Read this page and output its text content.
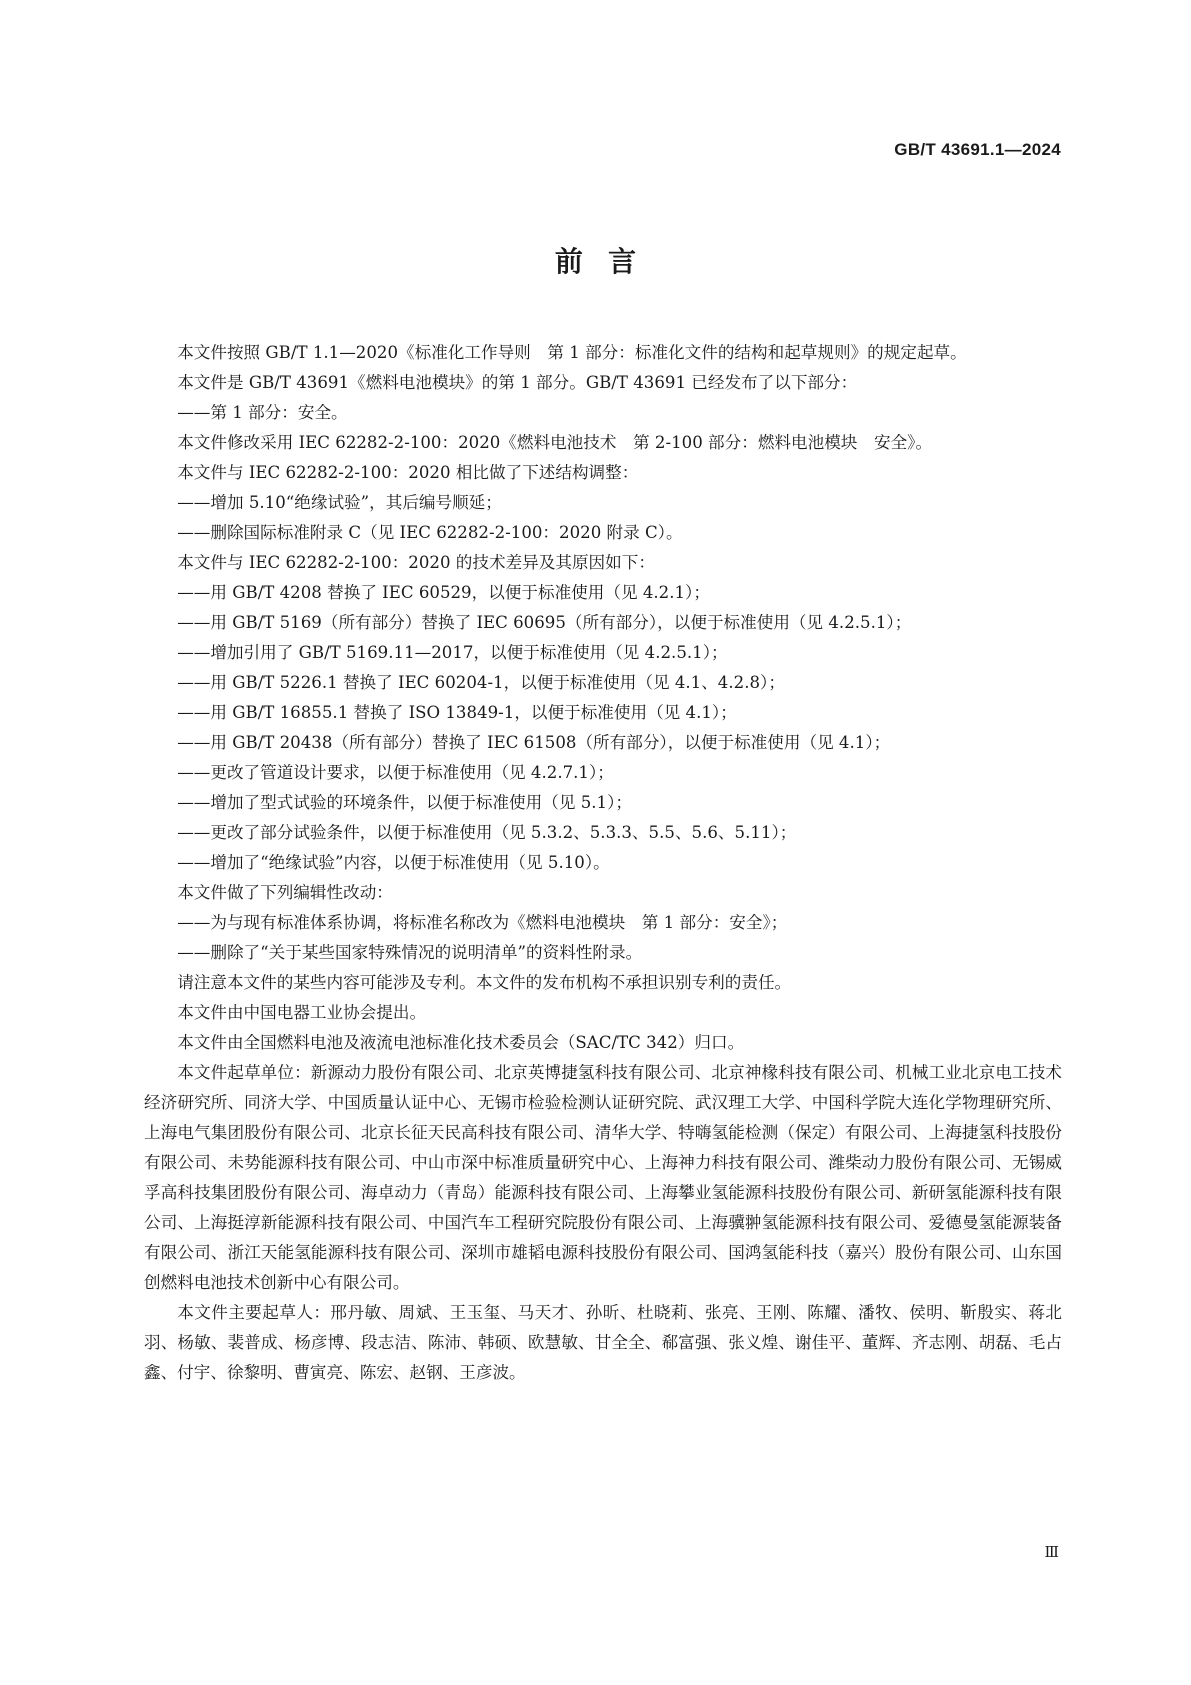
GB/T 43691.1—2024
前言

本文件按照 GB/T 1.1—2020《标准化工作导则　第 1 部分：标准化文件的结构和起草规则》的规定起草。

本文件是 GB/T 43691《燃料电池模块》的第 1 部分。GB/T 43691 已经发布了以下部分：

——第 1 部分：安全。

本文件修改采用 IEC 62282-2-100：2020《燃料电池技术　第 2-100 部分：燃料电池模块　安全》。

本文件与 IEC 62282-2-100：2020 相比做了下述结构调整：

——增加 5.10“绝缘试验”，其后编号顺延；

——删除国际标准附录 C（见 IEC 62282-2-100：2020 附录 C）。

本文件与 IEC 62282-2-100：2020 的技术差异及其原因如下：

——用 GB/T 4208 替换了 IEC 60529，以便于标准使用（见 4.2.1）；

——用 GB/T 5169（所有部分）替换了 IEC 60695（所有部分），以便于标准使用（见 4.2.5.1）；

——增加引用了 GB/T 5169.11—2017，以便于标准使用（见 4.2.5.1）；

——用 GB/T 5226.1 替换了 IEC 60204-1，以便于标准使用（见 4.1、4.2.8）；

——用 GB/T 16855.1 替换了 ISO 13849-1，以便于标准使用（见 4.1）；

——用 GB/T 20438（所有部分）替换了 IEC 61508（所有部分），以便于标准使用（见 4.1）；

——更改了管道设计要求，以便于标准使用（见 4.2.7.1）；

——增加了型式试验的环境条件，以便于标准使用（见 5.1）；

——更改了部分试验条件，以便于标准使用（见 5.3.2、5.3.3、5.5、5.6、5.11）；

——增加了“绝缘试验”内容，以便于标准使用（见 5.10）。

本文件做了下列编辑性改动：

——为与现有标准体系协调，将标准名称改为《燃料电池模块　第 1 部分：安全》；

——删除了“关于某些国家特殊情况的说明清单”的资料性附录。

请注意本文件的某些内容可能涉及专利。本文件的发布机构不承担识别专利的责任。

本文件由中国电器工业协会提出。

本文件由全国燃料电池及液流电池标准化技术委员会（SAC/TC 342）归口。

本文件起草单位：新源动力股份有限公司、北京英博捷氢科技有限公司、北京神椽科技有限公司、机械工业北京电工技术经济研究所、同济大学、中国质量认证中心、无锡市检验检测认证研究院、武汉理工大学、中国科学院大连化学物理研究所、上海电气集团股份有限公司、北京长征天民高科技有限公司、清华大学、特嗨氢能检测（保定）有限公司、上海捷氢科技股份有限公司、未势能源科技有限公司、中山市深中标准质量研究中心、上海神力科技有限公司、潍柴动力股份有限公司、无锡威孚高科技集团股份有限公司、海卓动力（青岛）能源科技有限公司、上海攀业氢能源科技股份有限公司、新研氢能源科技有限公司、上海挺淳新能源科技有限公司、中国汽车工程研究院股份有限公司、上海骥翀氢能源科技有限公司、爱德曼氢能源装备有限公司、浙江天能氢能源科技有限公司、深圳市雄韬电源科技股份有限公司、国鸿氢能科技（嘉兴）股份有限公司、山东国创燃料电池技术创新中心有限公司。

本文件主要起草人：邢丹敏、周斌、王玉玺、马天才、孙昕、杜晓莉、张亮、王刚、陈耀、潘牧、侯明、靳殷实、蒋北羽、杨敏、裴普成、杨彦博、段志洁、陈沛、韩硕、欧慧敏、甘全全、郗富强、张义煌、谢佳平、董辉、齐志刚、胡磊、毛占鑫、付宇、徐黎明、曹寅亮、陈宏、赵钢、王彦波。

Ⅲ
